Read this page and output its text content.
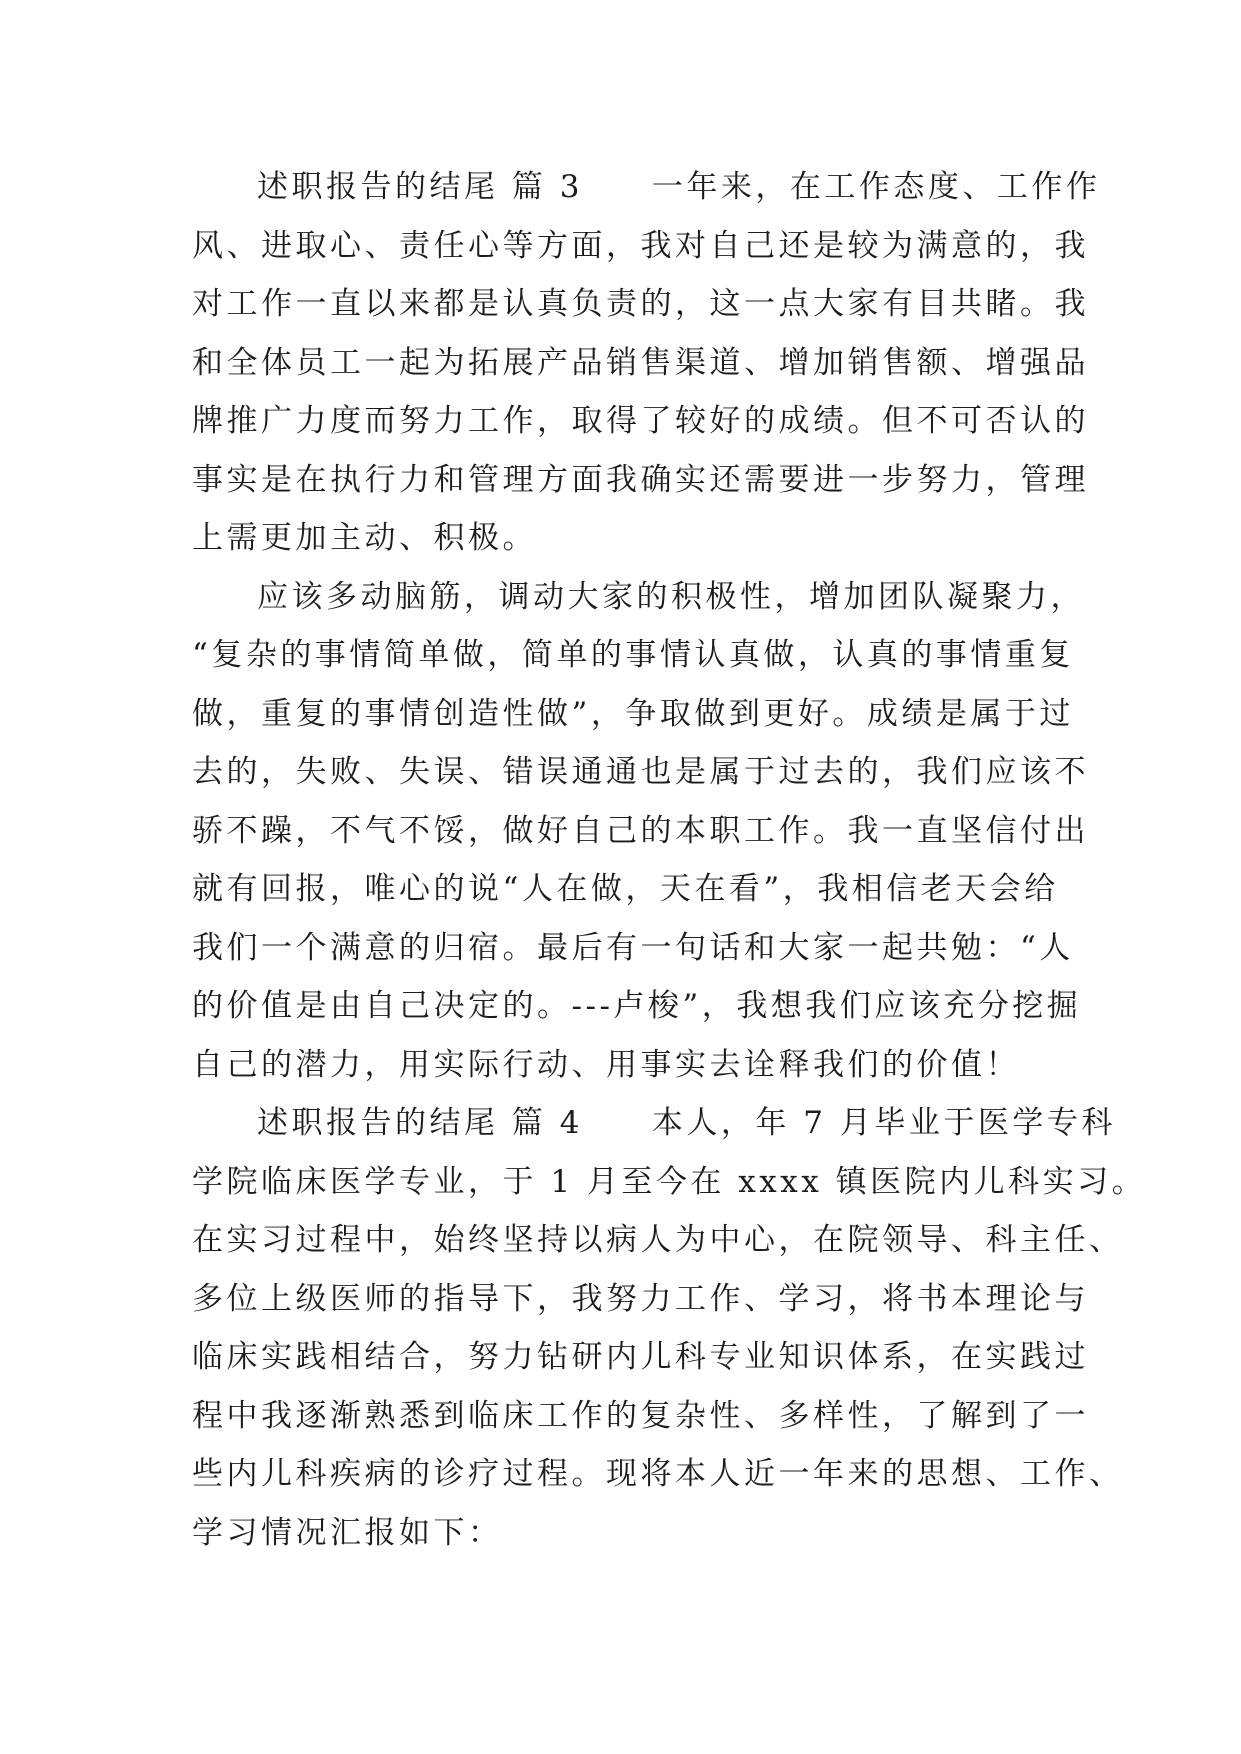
述职报告的结尾 篇 3　　一年来，在工作态度、工作作
风、进取心、责任心等方面，我对自己还是较为满意的，我
对工作一直以来都是认真负责的，这一点大家有目共睹。我
和全体员工一起为拓展产品销售渠道、增加销售额、增强品
牌推广力度而努力工作，取得了较好的成绩。但不可否认的
事实是在执行力和管理方面我确实还需要进一步努力，管理
上需更加主动、积极。
应该多动脑筋，调动大家的积极性，增加团队凝聚力，
“复杂的事情简单做，简单的事情认真做，认真的事情重复
做，重复的事情创造性做”，争取做到更好。成绩是属于过
去的，失败、失误、错误通通也是属于过去的，我们应该不
骄不躁，不气不馁，做好自己的本职工作。我一直坚信付出
就有回报，唯心的说“人在做，天在看”，我相信老天会给
我们一个满意的归宿。最后有一句话和大家一起共勉：“人
的价值是由自己决定的。---卢梭”，我想我们应该充分挖掘
自己的潜力，用实际行动、用事实去诠释我们的价值！
述职报告的结尾 篇 4　　本人，年 7 月毕业于医学专科
学院临床医学专业，于 1 月至今在 xxxx 镇医院内儿科实习。
在实习过程中，始终坚持以病人为中心，在院领导、科主任、
多位上级医师的指导下，我努力工作、学习，将书本理论与
临床实践相结合，努力钻研内儿科专业知识体系，在实践过
程中我逐渐熟悉到临床工作的复杂性、多样性，了解到了一
些内儿科疾病的诊疗过程。现将本人近一年来的思想、工作、
学习情况汇报如下：
